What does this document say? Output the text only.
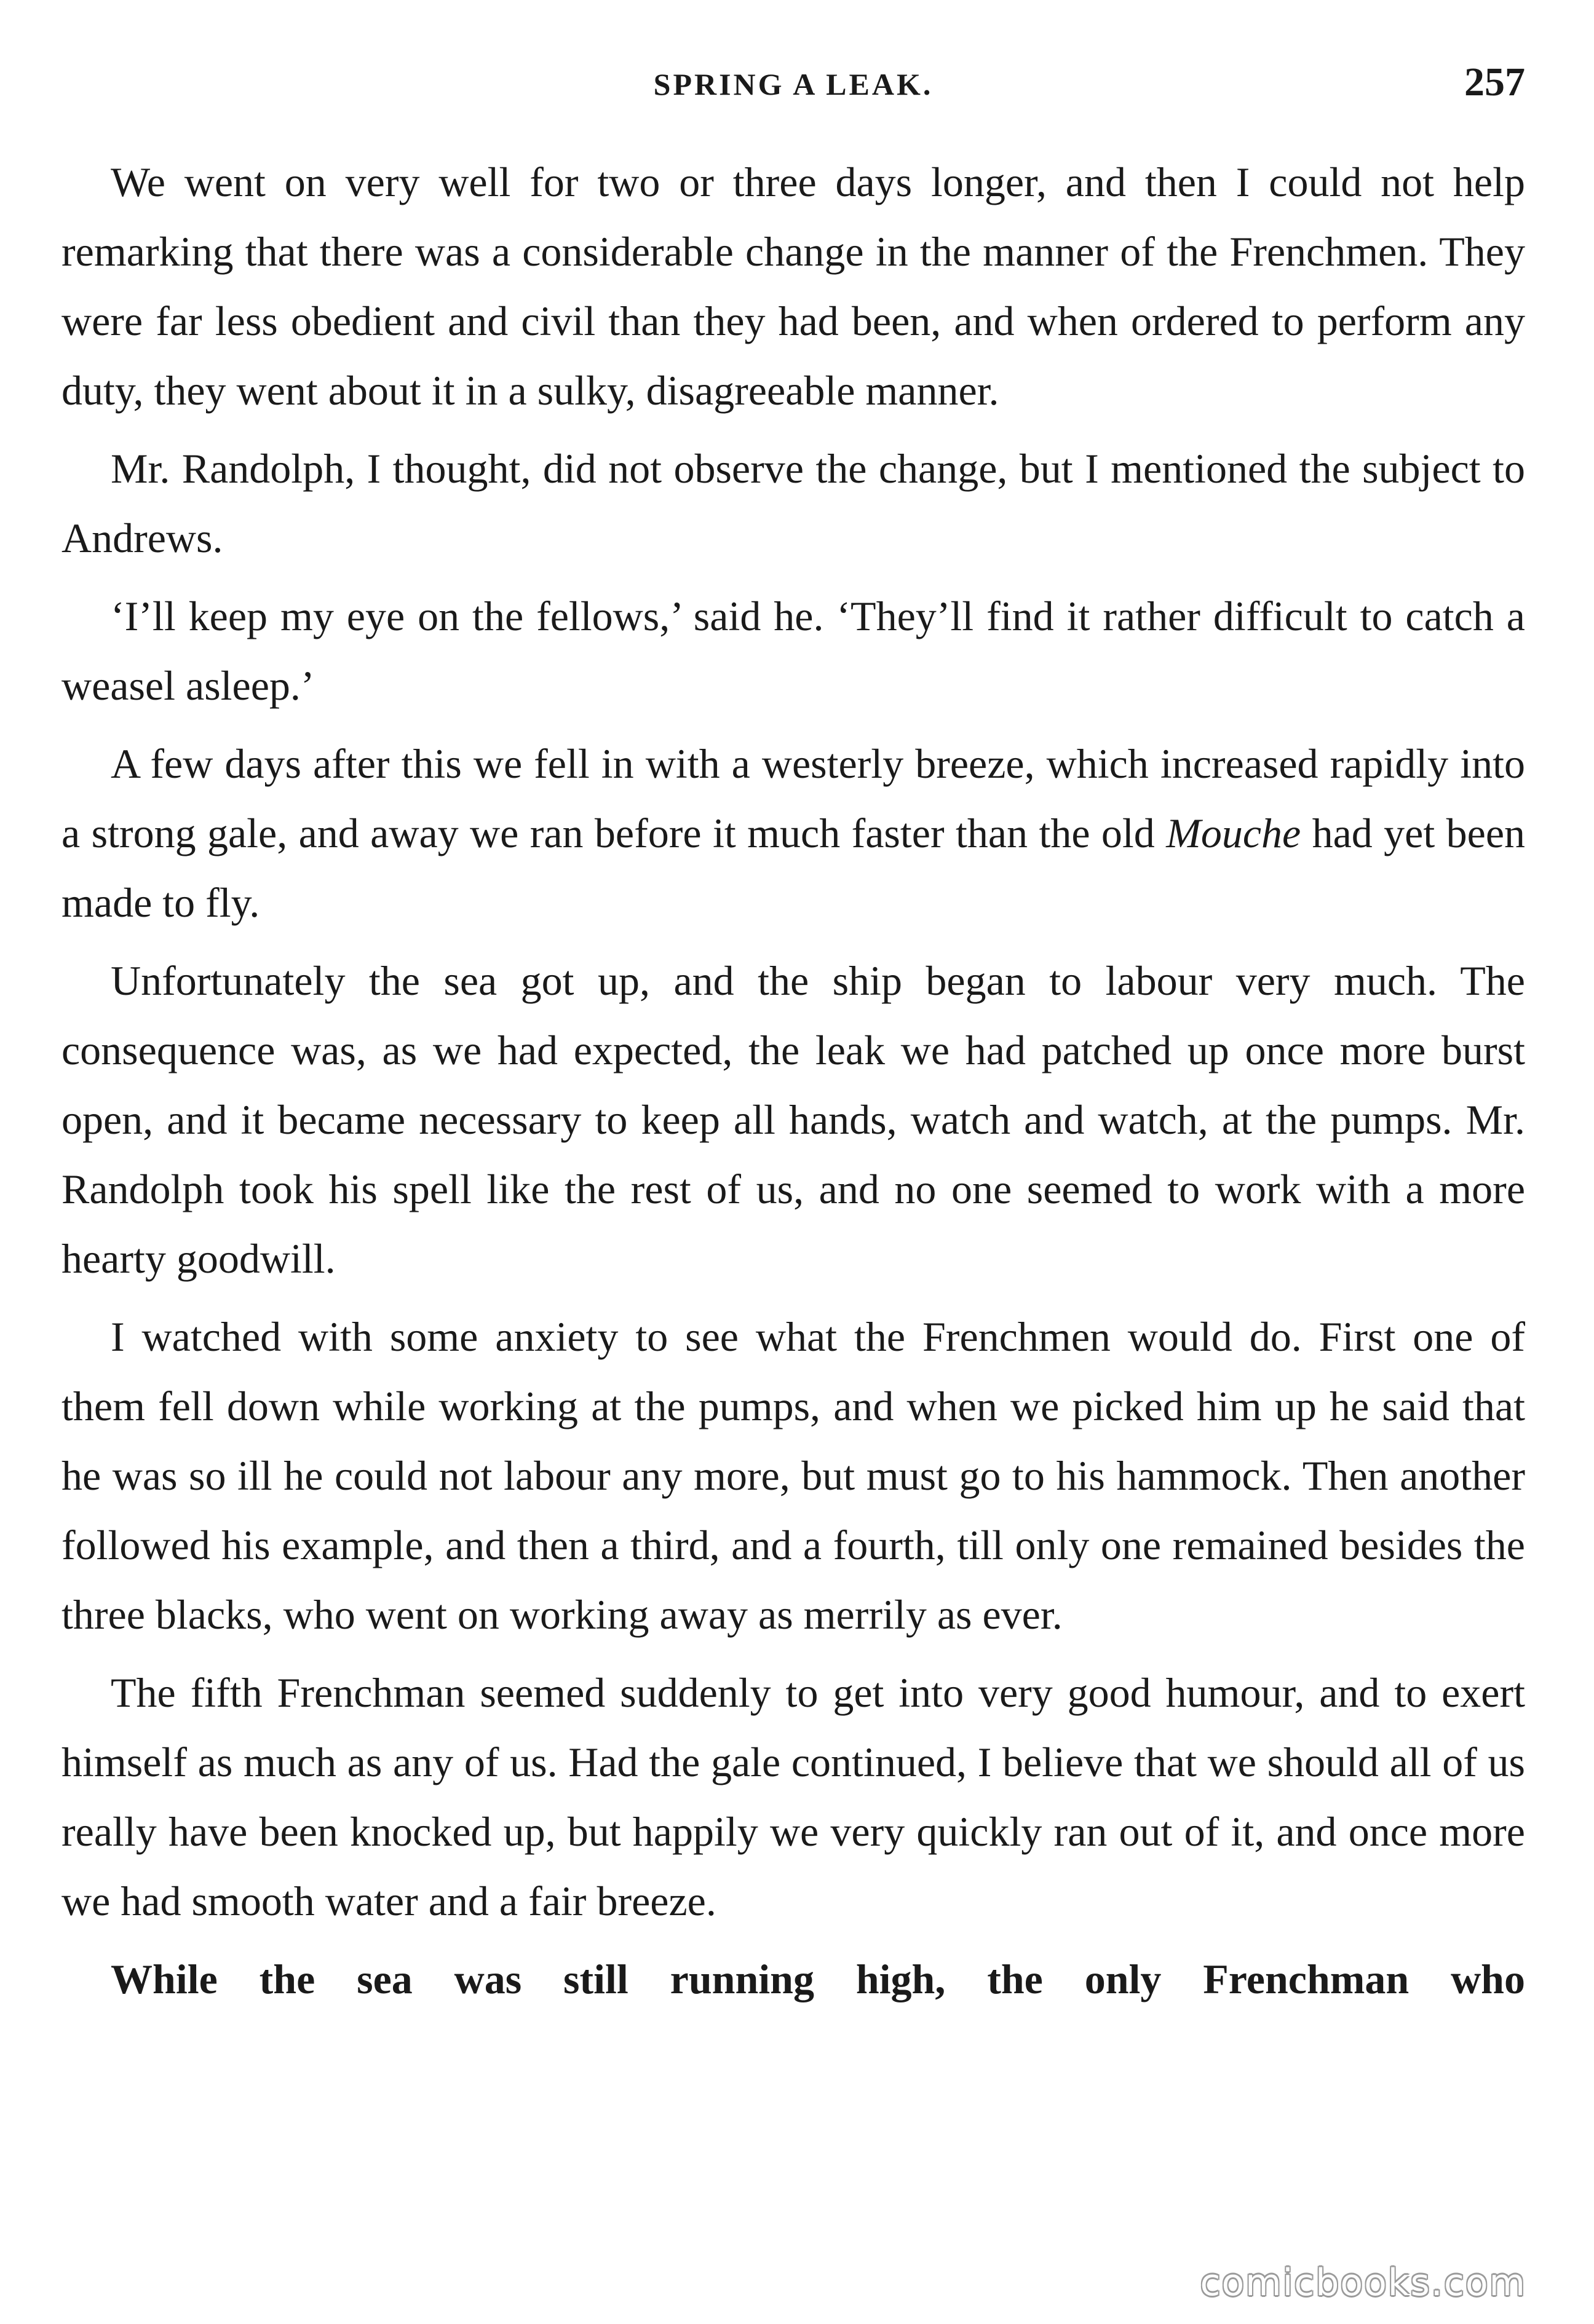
SPRING A LEAK.	257

We went on very well for two or three days longer, and then I could not help remarking that there was a considerable change in the manner of the Frenchmen. They were far less obedient and civil than they had been, and when ordered to perform any duty, they went about it in a sulky, disagreeable manner.

Mr. Randolph, I thought, did not observe the change, but I mentioned the subject to Andrews.

‘I’ll keep my eye on the fellows,’ said he. ‘They’ll find it rather difficult to catch a weasel asleep.’

A few days after this we fell in with a westerly breeze, which increased rapidly into a strong gale, and away we ran before it much faster than the old Mouche had yet been made to fly.

Unfortunately the sea got up, and the ship began to labour very much. The consequence was, as we had expected, the leak we had patched up once more burst open, and it became necessary to keep all hands, watch and watch, at the pumps. Mr. Randolph took his spell like the rest of us, and no one seemed to work with a more hearty goodwill.

I watched with some anxiety to see what the Frenchmen would do. First one of them fell down while working at the pumps, and when we picked him up he said that he was so ill he could not labour any more, but must go to his hammock. Then another followed his example, and then a third, and a fourth, till only one remained besides the three blacks, who went on working away as merrily as ever.

The fifth Frenchman seemed suddenly to get into very good humour, and to exert himself as much as any of us. Had the gale continued, I believe that we should all of us really have been knocked up, but happily we very quickly ran out of it, and once more we had smooth water and a fair breeze.

While the sea was still running high, the only Frenchman who

comicbooks.com
